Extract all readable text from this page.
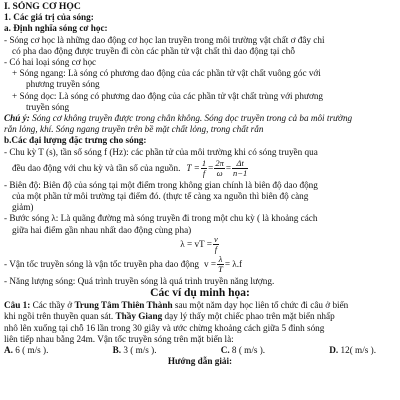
I. SÓNG CƠ HỌC
1. Các giá trị của sóng:
a. Định nghĩa sóng cơ học:
- Sóng cơ học là những dao động cơ học lan truyền trong môi trường vật chất ơ đây chỉ
có pha dao động được truyền đi còn các phần tử vật chất thì dao động tại chỗ
- Có hai loại sóng cơ học
+ Sóng ngang: Là sóng có phương dao động của các phần tử vật chất vuông góc với
phương truyền sóng
+ Sóng dọc: Là sóng có phương dao động của các phần tử vật chất trùng với phương
truyền sóng
Chú ý: Sóng cơ không truyền được trong chân không. Sóng dọc truyền trong cả ba môi trường
rắn lỏng, khí. Sóng ngang truyền trên bề mặt chất lỏng, trong chất rắn
b.Các đại lượng đặc trưng cho sóng:
- Chu kỳ T (s), tần số sóng f (Hz): các phần tử của môi trường khi có sóng truyền qua
đều dao động với chu kỳ và tần số của nguồn. $T = \frac{1}{f} = \frac{2\pi}{\omega} = \frac{\Delta t}{n-1}$
- Biên độ: Biên độ của sóng tại một điểm trong không gian chính là biên độ dao động
của một phần tử môi trường tại điểm đó. (thực tế càng xa nguồn thì biên độ càng
giảm)
- Bước sóng λ: Là quãng đường mà sóng truyền đi trong một chu kỳ ( là khoảng cách
giữa hai điểm gần nhau nhất dao động cùng pha)
λ = vT = $\frac{v}{f}$
- Vận tốc truyền sóng là vận tốc truyền pha dao động $v = \frac{\lambda}{T} = \lambda.f$
- Năng lượng sóng: Quá trình truyền sóng là quá trình truyền năng lượng.
Các ví dụ minh họa:
Câu 1: Các thầy ở Trung Tâm Thiên Thành sau một năm dạy học liên tố chức đi câu ở biển
khi ngồi trên thuyền quan sát. Thầy Giang dạy lý thấy một chiếc phao trên mặt biển nhấp
nhô lên xuống tại chỗ 16 lần trong 30 giây và ước chừng khoảng cách giữa 5 đỉnh sóng
liên tiếp nhau bằng 24m. Vận tốc truyền sóng trên mặt biển là:
A. 6 ( m/s ).	B. 3 ( m/s ).	C. 8 ( m/s ).	D. 12( m/s ).
Hướng dẫn giải:
